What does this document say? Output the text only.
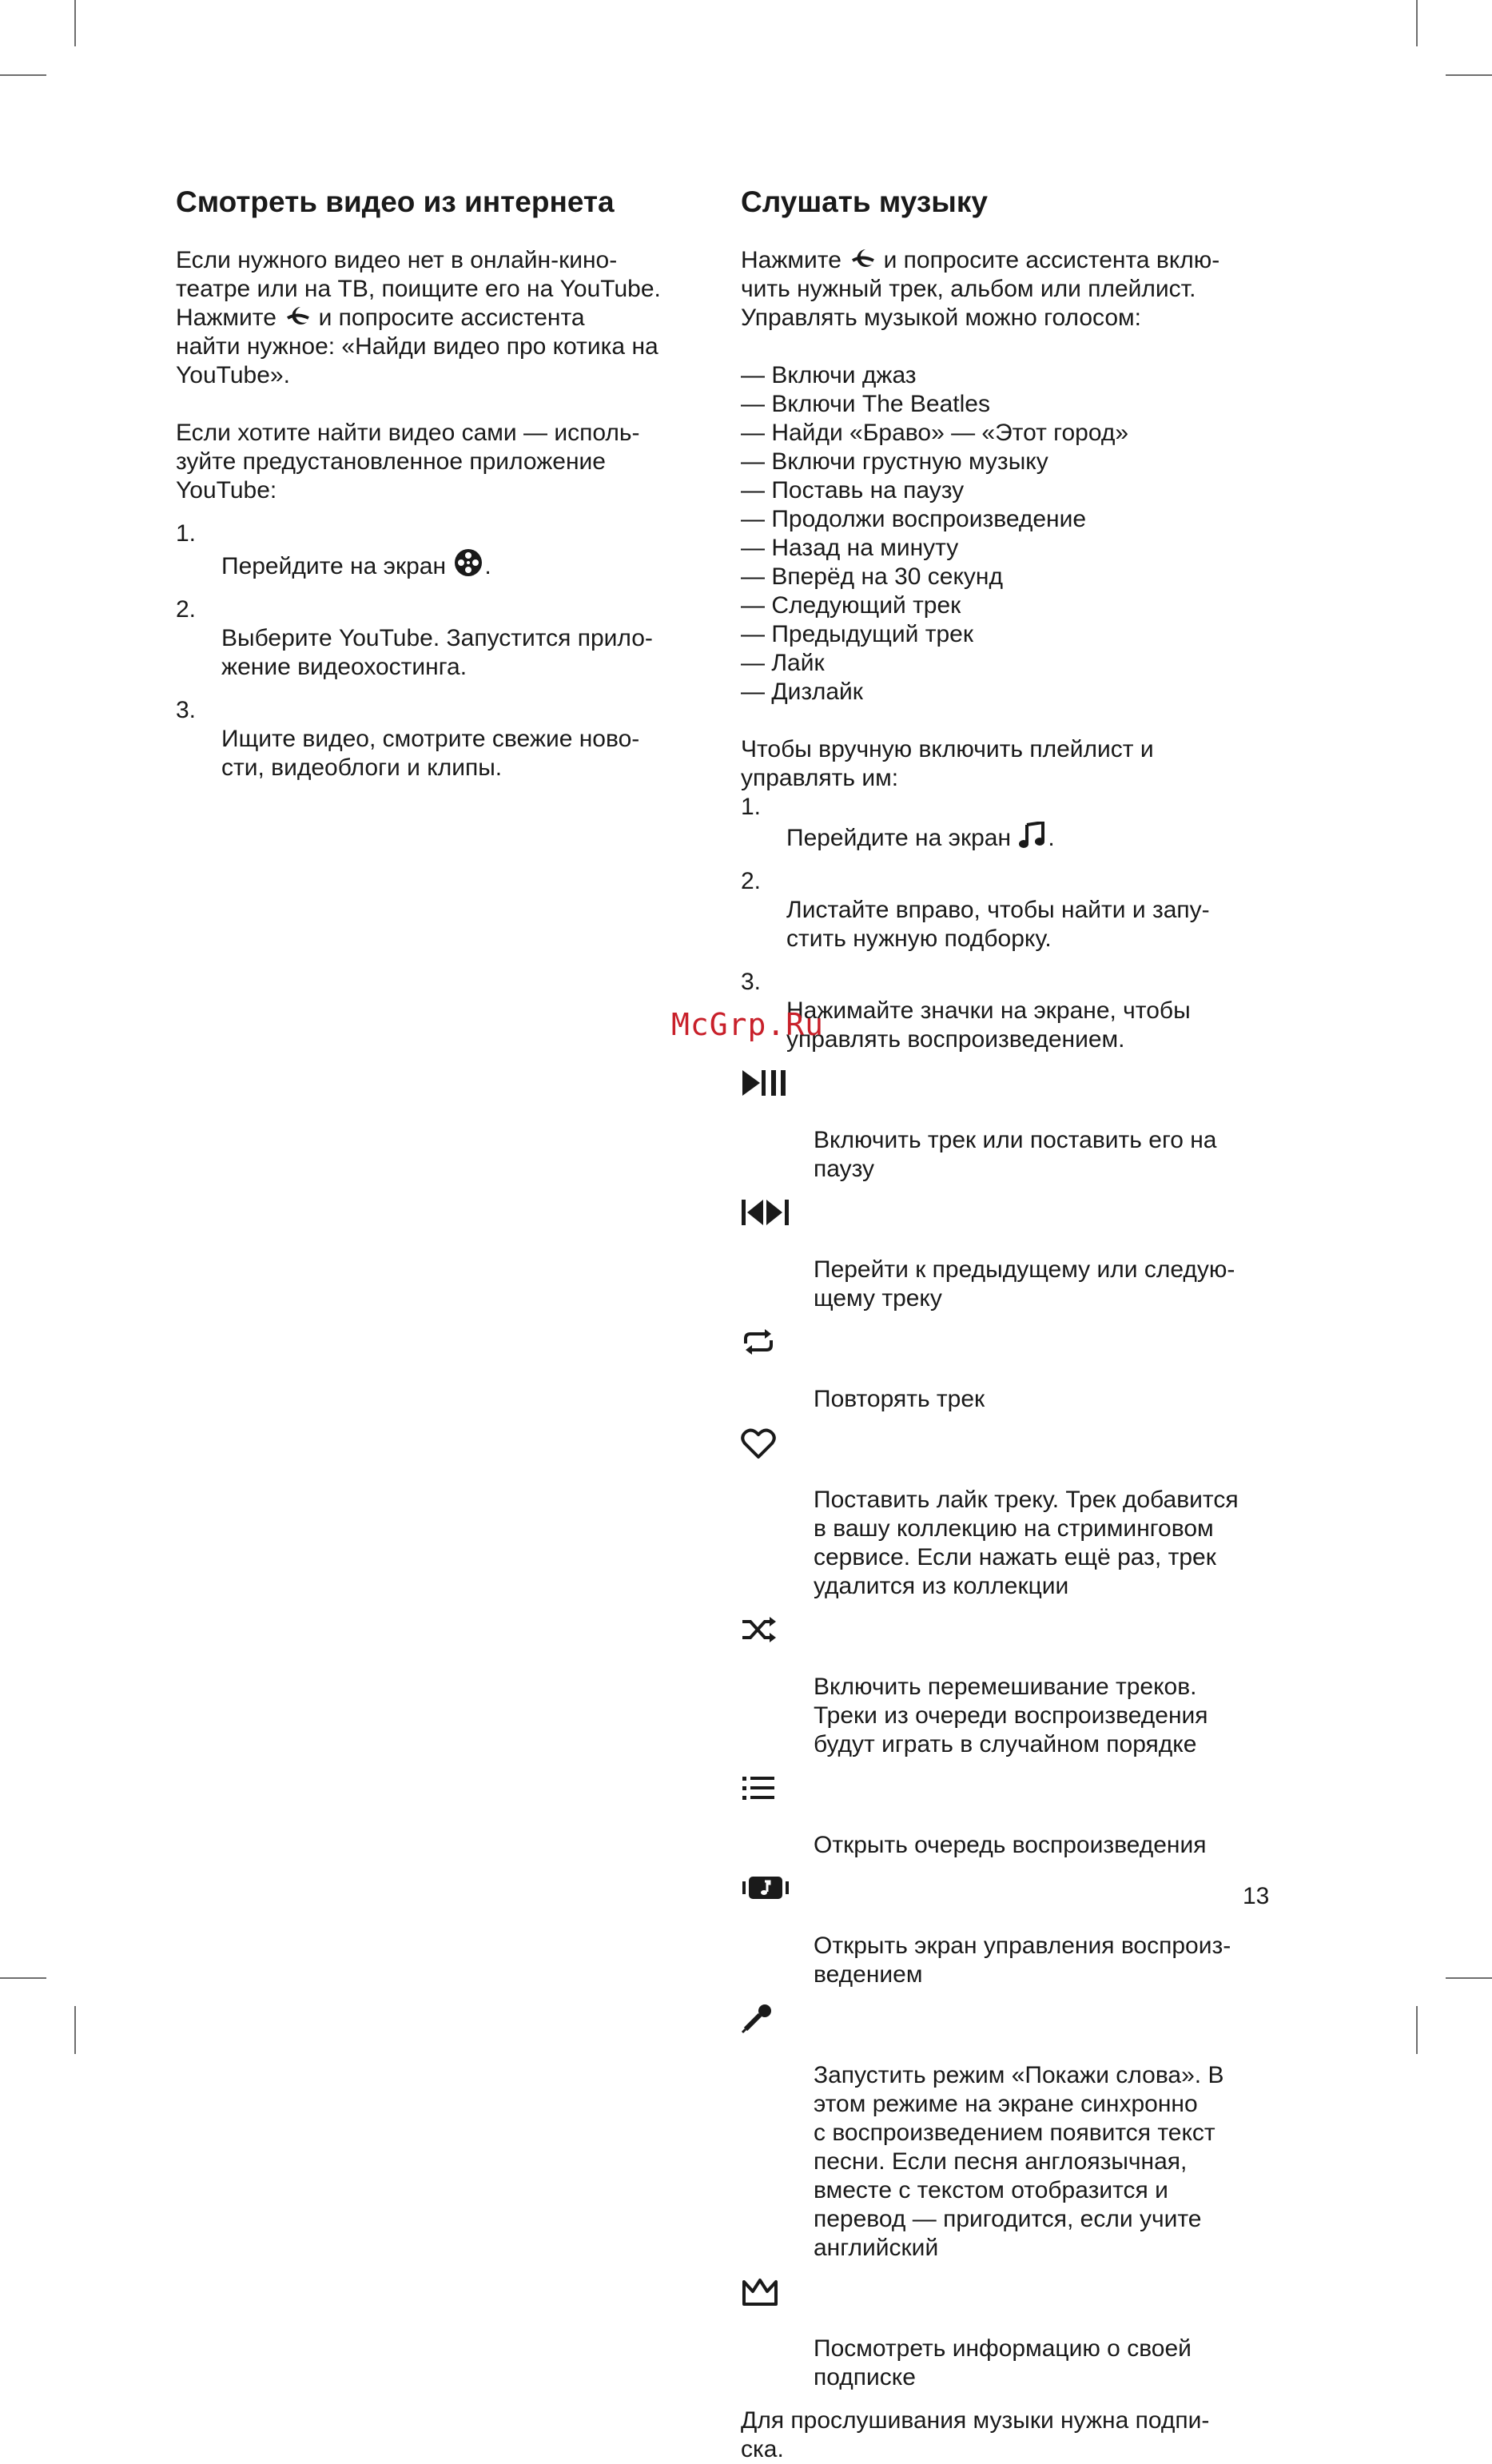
Смотреть видео из интернета

Если нужного видео нет в онлайн-кино-
театре или на ТВ, поищите его на YouTube.
Нажмите  и попросите ассистента
найти нужное: «Найди видео про котика на
YouTube».

Если хотите найти видео сами — исполь-
зуйте предустановленное приложение
YouTube:

1.
Перейдите на экран .

2.
Выберите YouTube. Запустится прило-
жение видеохостинга.

3.
Ищите видео, смотрите свежие ново-
сти, видеоблоги и клипы.

Слушать музыку

Нажмите  и попросите ассистента вклю-
чить нужный трек, альбом или плейлист.
Управлять музыкой можно голосом:

— Включи джаз

— Включи The Beatles

— Найди «Браво» — «Этот город»

— Включи грустную музыку

— Поставь на паузу

— Продолжи воспроизведение

— Назад на минуту

— Вперёд на 30 секунд

— Следующий трек

— Предыдущий трек

— Лайк

— Дизлайк

Чтобы вручную включить плейлист и
управлять им:

1.
Перейдите на экран .

2.
Листайте вправо, чтобы найти и запу-
стить нужную подборку.

3.
Нажимайте значки на экране, чтобы
управлять воспроизведением.

Включить трек или поставить его на
паузу

Перейти к предыдущему или следую-
щему треку

Повторять трек

Поставить лайк треку. Трек добавится
в вашу коллекцию на стриминговом
сервисе. Если нажать ещё раз, трек
удалится из коллекции

Включить перемешивание треков.
Треки из очереди воспроизведения
будут играть в случайном порядке

Открыть очередь воспроизведения

Открыть экран управления воспроиз-
ведением

Запустить режим «Покажи слова». В
этом режиме на экране синхронно
с воспроизведением появится текст
песни. Если песня англоязычная,
вместе с текстом отобразится и
перевод — пригодится, если учите
английский

Посмотреть информацию о своей
подписке

Для прослушивания музыки нужна подпи-
ска.

McGrp.Ru
13
